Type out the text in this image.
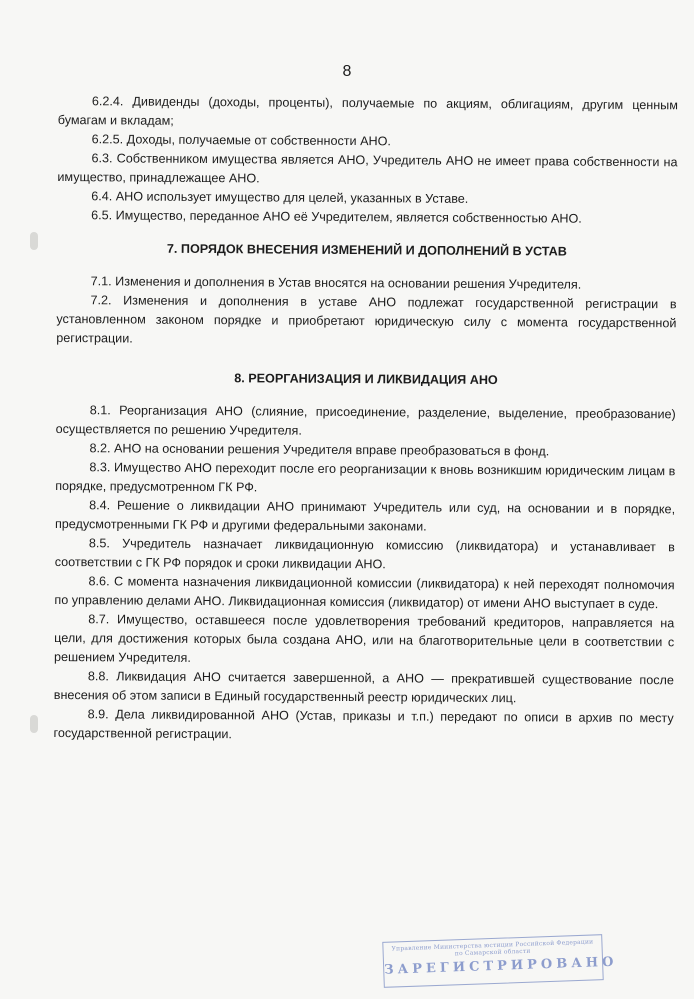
8

6.2.4. Дивиденды (доходы, проценты), получаемые по акциям, облигациям, другим ценным бумагам и вкладам;

6.2.5. Доходы, получаемые от собственности АНО.

6.3. Собственником имущества является АНО, Учредитель АНО не имеет права собственности на имущество, принадлежащее АНО.

6.4. АНО использует имущество для целей, указанных в Уставе.

6.5. Имущество, переданное АНО её Учредителем, является собственностью АНО.

7. ПОРЯДОК ВНЕСЕНИЯ ИЗМЕНЕНИЙ И ДОПОЛНЕНИЙ В УСТАВ

7.1. Изменения и дополнения в Устав вносятся на основании решения Учредителя.

7.2. Изменения и дополнения в уставе АНО подлежат государственной регистрации в установленном законом порядке и приобретают юридическую силу с момента государственной регистрации.

8. РЕОРГАНИЗАЦИЯ И ЛИКВИДАЦИЯ АНО

8.1. Реорганизация АНО (слияние, присоединение, разделение, выделение, преобразование) осуществляется по решению Учредителя.

8.2. АНО на основании решения Учредителя вправе преобразоваться в фонд.

8.3. Имущество АНО переходит после его реорганизации к вновь возникшим юридическим лицам в порядке, предусмотренном ГК РФ.

8.4. Решение о ликвидации АНО принимают Учредитель или суд, на основании и в порядке, предусмотренными ГК РФ и другими федеральными законами.

8.5. Учредитель назначает ликвидационную комиссию (ликвидатора) и устанавливает в соответствии с ГК РФ порядок и сроки ликвидации АНО.

8.6. С момента назначения ликвидационной комиссии (ликвидатора) к ней переходят полномочия по управлению делами АНО. Ликвидационная комиссия (ликвидатор) от имени АНО выступает в суде.

8.7. Имущество, оставшееся после удовлетворения требований кредиторов, направляется на цели, для достижения которых была создана АНО, или на благотворительные цели в соответствии с решением Учредителя.

8.8. Ликвидация АНО считается завершенной, а АНО — прекратившей существование после внесения об этом записи в Единый государственный реестр юридических лиц.

8.9. Дела ликвидированной АНО (Устав, приказы и т.п.) передают по описи в архив по месту государственной регистрации.

Управление Министерства юстиции Российской Федерации по Самарской области
ЗАРЕГИСТРИРОВАНО
